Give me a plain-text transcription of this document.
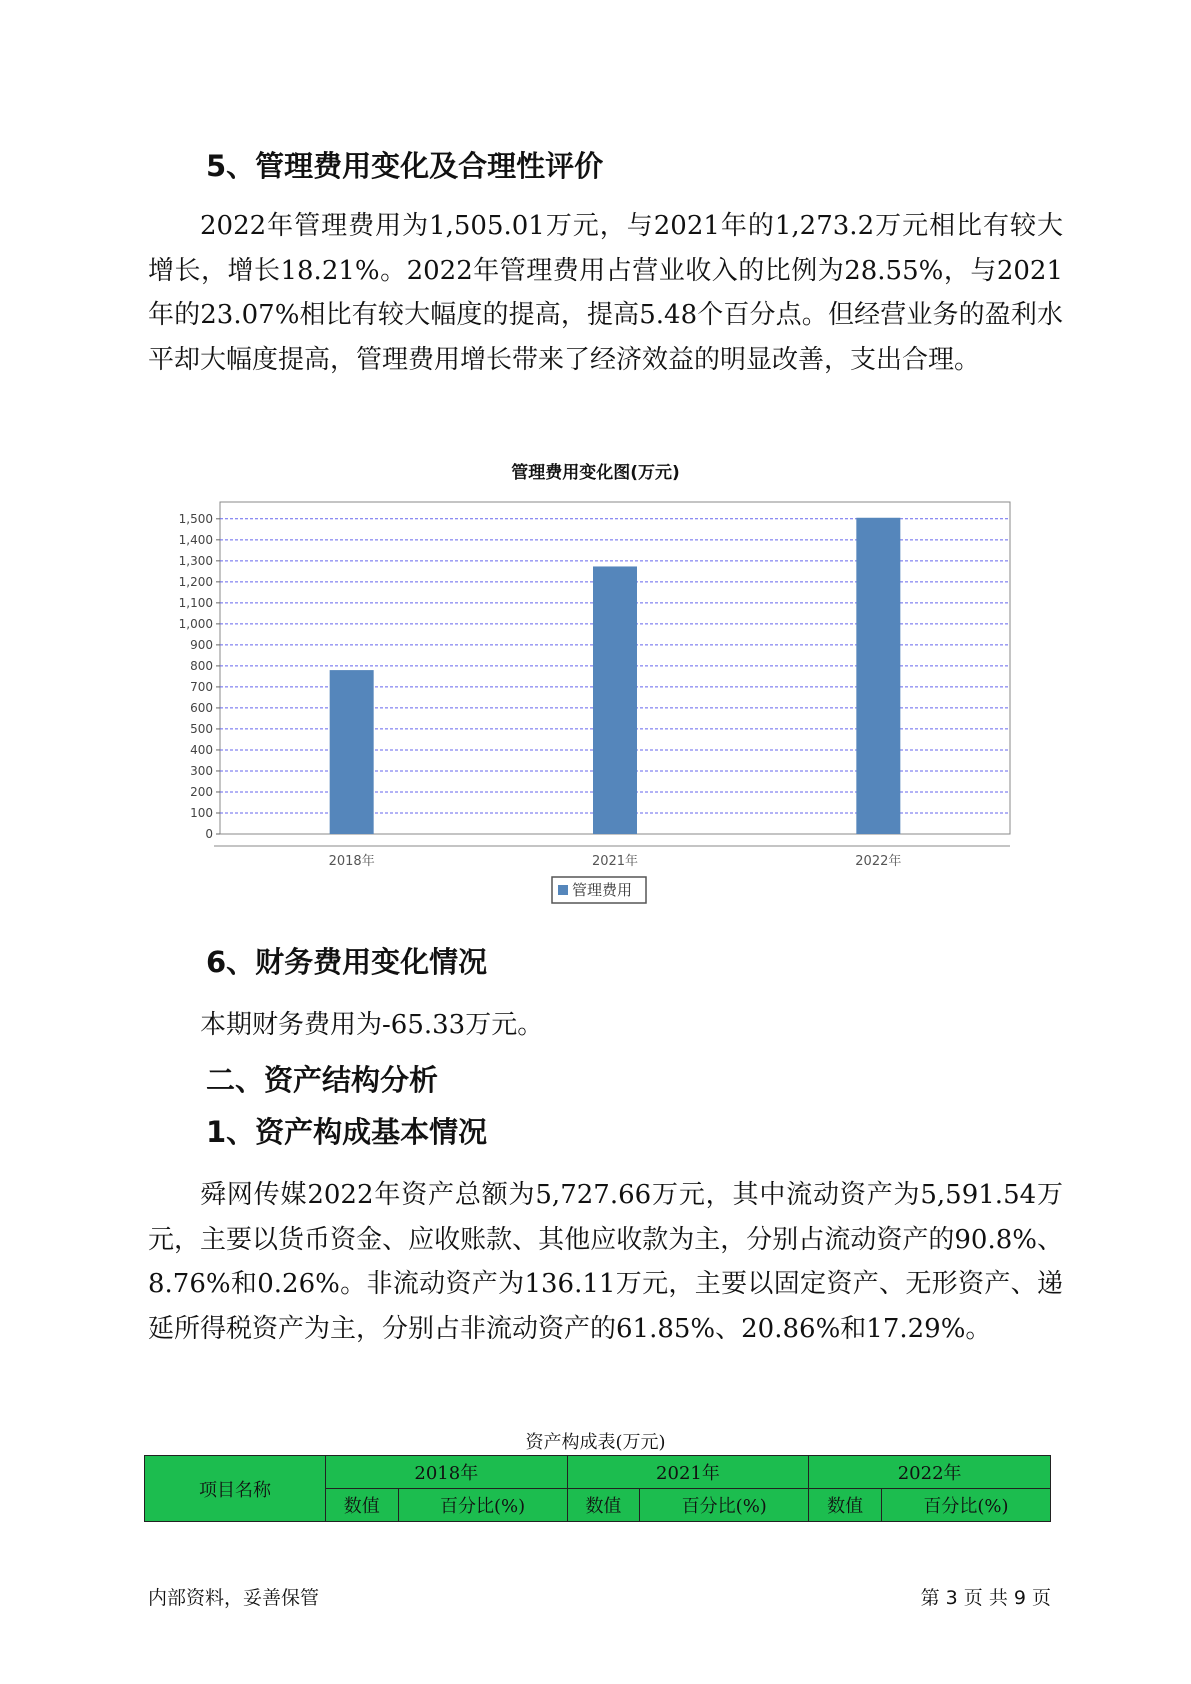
5、管理费用变化及合理性评价

2022年管理费用为1,505.01万元，与2021年的1,273.2万元相比有较大增长，增长18.21%。2022年管理费用占营业收入的比例为28.55%，与2021年的23.07%相比有较大幅度的提高，提高5.48个百分点。但经营业务的盈利水平却大幅度提高，管理费用增长带来了经济效益的明显改善，支出合理。

管理费用变化图(万元)
0
100
200
300
400
500
600
700
800
900
1,000
1,100
1,200
1,300
1,400
1,500
2018年	2021年	2022年
管理费用
6、财务费用变化情况

本期财务费用为-65.33万元。

二、资产结构分析
1、资产构成基本情况

舜网传媒2022年资产总额为5,727.66万元，其中流动资产为5,591.54万元，主要以货币资金、应收账款、其他应收款为主，分别占流动资产的90.8%、8.76%和0.26%。非流动资产为136.11万元，主要以固定资产、无形资产、递延所得税资产为主，分别占非流动资产的61.85%、20.86%和17.29%。

资产构成表(万元)
项目名称	2018年		2021年		2022年	
	数值	百分比(%)	数值	百分比(%)	数值	百分比(%)
内部资料，妥善保管	第 3 页 共 9 页
